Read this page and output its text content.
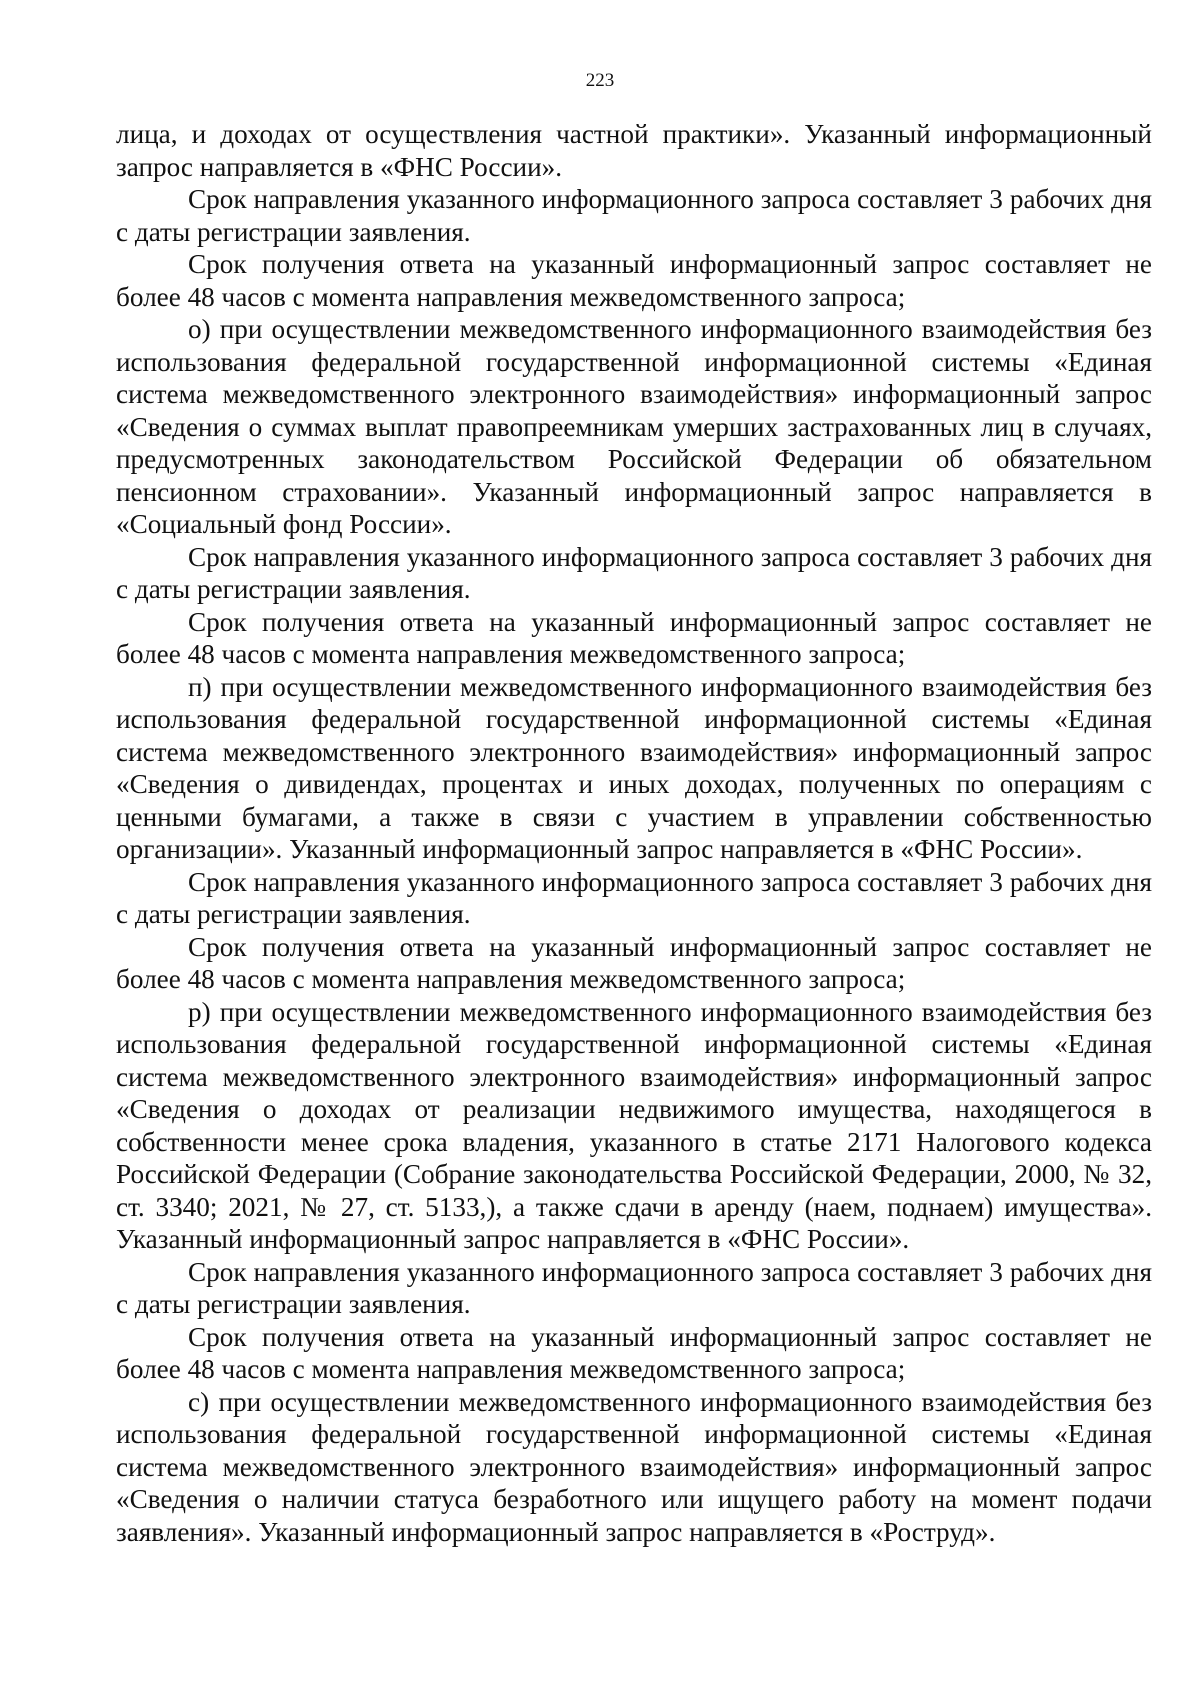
223

лица, и доходах от осуществления частной практики». Указанный информационный запрос направляется в «ФНС России».

Срок направления указанного информационного запроса составляет 3 рабочих дня с даты регистрации заявления.

Срок получения ответа на указанный информационный запрос составляет не более 48 часов с момента направления межведомственного запроса;

о) при осуществлении межведомственного информационного взаимодействия без использования федеральной государственной информационной системы «Единая система межведомственного электронного взаимодействия» информационный запрос «Сведения о суммах выплат правопреемникам умерших застрахованных лиц в случаях, предусмотренных законодательством Российской Федерации об обязательном пенсионном страховании». Указанный информационный запрос направляется в «Социальный фонд России».

Срок направления указанного информационного запроса составляет 3 рабочих дня с даты регистрации заявления.

Срок получения ответа на указанный информационный запрос составляет не более 48 часов с момента направления межведомственного запроса;

п) при осуществлении межведомственного информационного взаимодействия без использования федеральной государственной информационной системы «Единая система межведомственного электронного взаимодействия» информационный запрос «Сведения о дивидендах, процентах и иных доходах, полученных по операциям с ценными бумагами, а также в связи с участием в управлении собственностью организации». Указанный информационный запрос направляется в «ФНС России».

Срок направления указанного информационного запроса составляет 3 рабочих дня с даты регистрации заявления.

Срок получения ответа на указанный информационный запрос составляет не более 48 часов с момента направления межведомственного запроса;

р) при осуществлении межведомственного информационного взаимодействия без использования федеральной государственной информационной системы «Единая система межведомственного электронного взаимодействия» информационный запрос «Сведения о доходах от реализации недвижимого имущества, находящегося в собственности менее срока владения, указанного в статье 2171 Налогового кодекса Российской Федерации (Собрание законодательства Российской Федерации, 2000, № 32, ст. 3340; 2021, № 27, ст. 5133,), а также сдачи в аренду (наем, поднаем) имущества». Указанный информационный запрос направляется в «ФНС России».

Срок направления указанного информационного запроса составляет 3 рабочих дня с даты регистрации заявления.

Срок получения ответа на указанный информационный запрос составляет не более 48 часов с момента направления межведомственного запроса;

с) при осуществлении межведомственного информационного взаимодействия без использования федеральной государственной информационной системы «Единая система межведомственного электронного взаимодействия» информационный запрос «Сведения о наличии статуса безработного или ищущего работу на момент подачи заявления». Указанный информационный запрос направляется в «Роструд».
